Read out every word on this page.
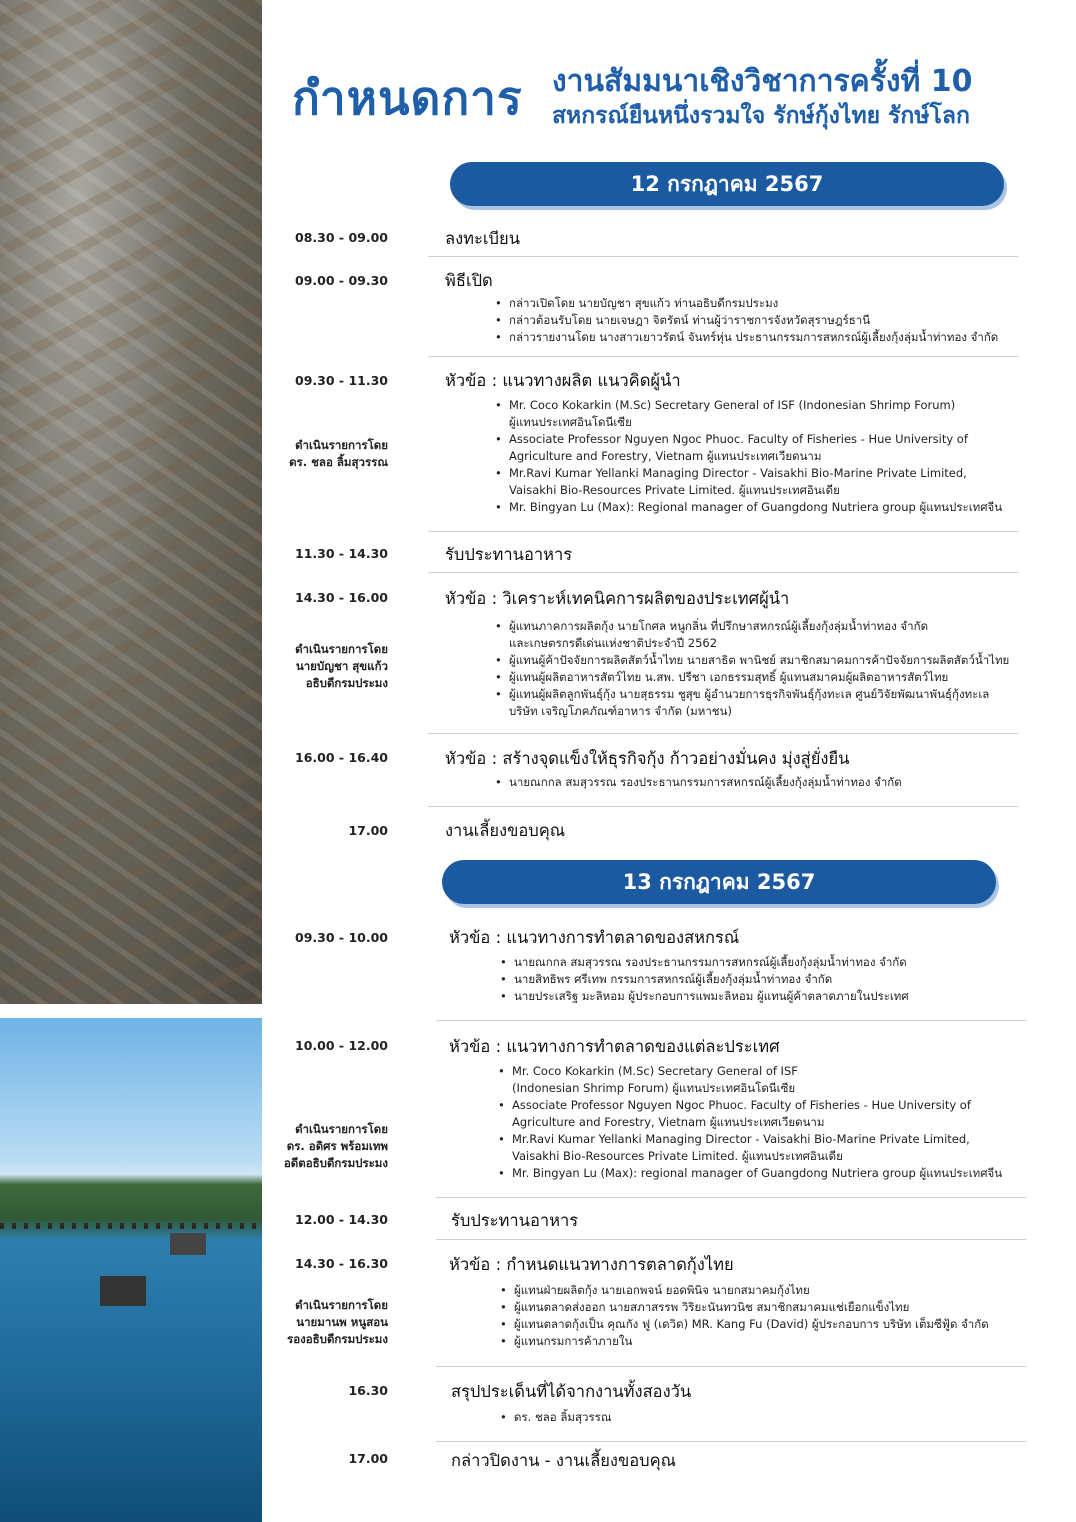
กำหนดการ งานสัมมนาเชิงวิชาการครั้งที่ 10
สหกรณ์ยืนหนึ่งรวมใจ รักษ์กุ้งไทย รักษ์โลก
12 กรกฎาคม 2567
08.30 - 09.00	ลงทะเบียน
09.00 - 09.30	พิธีเปิด
• กล่าวเปิดโดย นายบัญชา สุขแก้ว ท่านอธิบดีกรมประมง
• กล่าวต้อนรับโดย นายเจษฎา จิตรัตน์ ท่านผู้ว่าราชการจังหวัดสุราษฎร์ธานี
• กล่าวรายงานโดย นางสาวเยาวรัตน์ จันทร์หุ่น ประธานกรรมการสหกรณ์ผู้เลี้ยงกุ้งลุ่มน้ำท่าทอง จำกัด
09.30 - 11.30	หัวข้อ : แนวทางผลิต แนวคิดผู้นำ
ดำเนินรายการโดย
ดร. ชลอ ลิ้มสุวรรณ
• Mr. Coco Kokarkin (M.Sc) Secretary General of ISF (Indonesian Shrimp Forum)
ผู้แทนประเทศอินโดนีเซีย
• Associate Professor Nguyen Ngoc Phuoc. Faculty of Fisheries - Hue University of
Agriculture and Forestry, Vietnam ผู้แทนประเทศเวียดนาม
• Mr.Ravi Kumar Yellanki Managing Director - Vaisakhi Bio-Marine Private Limited,
Vaisakhi Bio-Resources Private Limited. ผู้แทนประเทศอินเดีย
• Mr. Bingyan Lu (Max): Regional manager of Guangdong Nutriera group ผู้แทนประเทศจีน
11.30 - 14.30	รับประทานอาหาร
14.30 - 16.00	หัวข้อ : วิเคราะห์เทคนิคการผลิตของประเทศผู้นำ
ดำเนินรายการโดย
นายบัญชา สุขแก้ว
อธิบดีกรมประมง
• ผู้แทนภาคการผลิตกุ้ง นายโกศล หนูกลิ่น ที่ปรึกษาสหกรณ์ผู้เลี้ยงกุ้งลุ่มน้ำท่าทอง จำกัด
และเกษตรกรดีเด่นแห่งชาติประจำปี 2562
• ผู้แทนผู้ค้าปัจจัยการผลิตสัตว์น้ำไทย นายสาธิต พานิชย์ สมาชิกสมาคมการค้าปัจจัยการผลิตสัตว์น้ำไทย
• ผู้แทนผู้ผลิตอาหารสัตว์ไทย น.สพ. ปรีชา เอกธรรมสุทธิ์ ผู้แทนสมาคมผู้ผลิตอาหารสัตว์ไทย
• ผู้แทนผู้ผลิตลูกพันธุ์กุ้ง นายสุธรรม ชูสุข ผู้อำนวยการธุรกิจพันธุ์กุ้งทะเล ศูนย์วิจัยพัฒนาพันธุ์กุ้งทะเล
บริษัท เจริญโภคภัณฑ์อาหาร จำกัด (มหาชน)
16.00 - 16.40	หัวข้อ : สร้างจุดแข็งให้ธุรกิจกุ้ง ก้าวอย่างมั่นคง มุ่งสู่ยั่งยืน
• นายณกกล สมสุวรรณ รองประธานกรรมการสหกรณ์ผู้เลี้ยงกุ้งลุ่มน้ำท่าทอง จำกัด
17.00	งานเลี้ยงขอบคุณ
13 กรกฎาคม 2567
09.30 - 10.00	หัวข้อ : แนวทางการทำตลาดของสหกรณ์
• นายณกกล สมสุวรรณ รองประธานกรรมการสหกรณ์ผู้เลี้ยงกุ้งลุ่มน้ำท่าทอง จำกัด
• นายสิทธิพร ศรีเทพ กรรมการสหกรณ์ผู้เลี้ยงกุ้งลุ่มน้ำท่าทอง จำกัด
• นายประเสริฐ มะลิหอม ผู้ประกอบการแพมะลิหอม ผู้แทนผู้ค้าตลาดภายในประเทศ
10.00 - 12.00	หัวข้อ : แนวทางการทำตลาดของแต่ละประเทศ
ดำเนินรายการโดย
ดร. อดิศร พร้อมเทพ
อดีตอธิบดีกรมประมง
• Mr. Coco Kokarkin (M.Sc) Secretary General of ISF
(Indonesian Shrimp Forum) ผู้แทนประเทศอินโดนีเซีย
• Associate Professor Nguyen Ngoc Phuoc. Faculty of Fisheries - Hue University of
Agriculture and Forestry, Vietnam ผู้แทนประเทศเวียดนาม
• Mr.Ravi Kumar Yellanki Managing Director - Vaisakhi Bio-Marine Private Limited,
Vaisakhi Bio-Resources Private Limited. ผู้แทนประเทศอินเดีย
• Mr. Bingyan Lu (Max): regional manager of Guangdong Nutriera group ผู้แทนประเทศจีน
12.00 - 14.30	รับประทานอาหาร
14.30 - 16.30	หัวข้อ : กำหนดแนวทางการตลาดกุ้งไทย
ดำเนินรายการโดย
นายมานพ หนูสอน
รองอธิบดีกรมประมง
• ผู้แทนฝ่ายผลิตกุ้ง นายเอกพจน์ ยอดพินิจ นายกสมาคมกุ้งไทย
• ผู้แทนตลาดส่งออก นายสภาสรรพ วิริยะนันทวนิช สมาชิกสมาคมแช่เยือกแข็งไทย
• ผู้แทนตลาดกุ้งเป็น คุณกัง ฟู (เดวิด) MR. Kang Fu (David) ผู้ประกอบการ บริษัท เต็มซีฟู้ด จำกัด
• ผู้แทนกรมการค้าภายใน
16.30	สรุปประเด็นที่ได้จากงานทั้งสองวัน
• ดร. ชลอ ลิ้มสุวรรณ
17.00	กล่าวปิดงาน - งานเลี้ยงขอบคุณ
